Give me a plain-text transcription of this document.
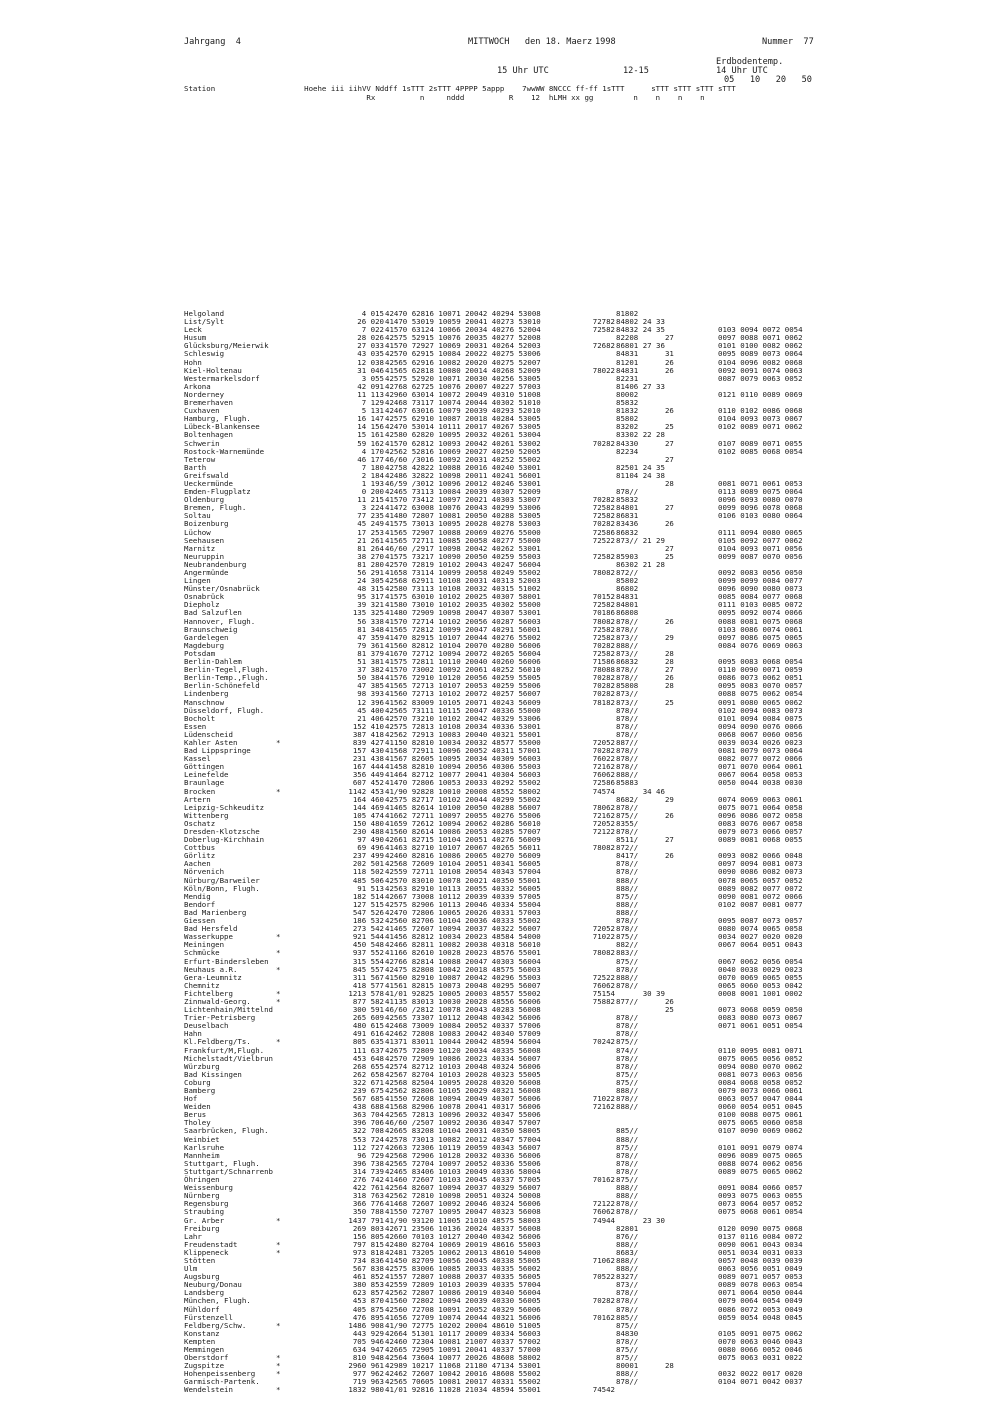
Jahrgang  4	MITTWOCH   den 18. Maerz 1998	Nummer  77
Erdbodentemp.
14 Uhr UTC
15 Uhr UTC	12-15
05   10   20   50
Station                    Hoehe iii iihVV Nddff 1sTTT 2sTTT 4PPPP 5appp    7wwWW 8NCCC ff-ff 1sTTT      sTTT sTTT sTTT sTTT
Rx          n     nddd          R    12  hLMH xx gg         n    n    n    n
Helgoland	4 015 42470 62816 10071 20042 40294 53008	81802
List/Sylt	26 020 41470 53019 10059 20041 40273 53010	72782 84802 24 33
Leck	7 022 41570 63124 10066 20034 40276 52004	72582 84832 24 35	0103 0094 0072 0054
Husum	28 026 42575 52915 10076 20035 40277 52008	82208      27	0097 0088 0071 0062
Glücksburg/Meierwik	27 033 41570 72927 10069 20031 40264 52003	72682 86801 27 36	0101 0100 0082 0062
Schleswig	43 035 42570 62915 10084 20022 40275 53006	84831      31	0095 0089 0073 0064
Hohn	12 038 42565 62916 10082 20020 40275 52007	81201      26	0104 0096 0082 0068
Kiel-Holtenau	31 046 41565 62818 10080 20014 40268 52009	78022 84831      26	0092 0091 0074 0063
Westermarkelsdorf	3 055 42575 52920 10071 20030 40256 53005	82231	0087 0079 0063 0052
Arkona	42 091 42768 62725 10076 20007 40227 57003	81406 27 33
Norderney	11 113 42960 63014 10072 20049 40310 51008	80002	0121 0110 0089 0069
Bremerhaven	7 129 42468 73117 10074 20044 40302 51010	85832
Cuxhaven	5 131 42467 63016 10079 20039 40293 52010	81832      26	0110 0102 0086 0068
Hamburg, Flugh.	16 147 42575 62910 10087 20018 40284 53005	85802	0104 0093 0073 0067
Lübeck-Blankensee	14 156 42470 53014 10111 20017 40267 53005	83202      25	0102 0089 0071 0062
Boltenhagen	15 161 42580 62820 10095 20032 40261 53004	83302 22 28
Schwerin	59 162 41570 62812 10093 20042 40261 53002	70282 84330      27	0107 0089 0071 0055
Rostock-Warnemünde	4 170 42562 52816 10069 20027 40250 52005	82234	0102 0085 0068 0054
Teterow	46 177 46/60 /3016 10092 20031 40252 55002	27
Barth	7 180 42758 42822 10088 20016 40240 53001	82501 24 35
Greifswald	2 184 42486 32822 10098 20011 40241 56001	81104 24 38
Ueckermünde	1 193 46/59 /3012 10096 20012 40246 53001	28	0081 0071 0061 0053
Emden-Flugplatz	0 200 42465 73113 10084 20039 40307 52009	878//	0113 0089 0075 0064
Oldenburg	11 215 41570 73412 10097 20021 40303 53007	70282 85832	0096 0093 0080 0070
Bremen, Flugh.	3 224 41472 63008 10076 20043 40299 53006	72582 84801      27	0099 0096 0078 0068
Soltau	77 235 41480 72807 10081 20050 40288 53005	72582 86831	0106 0103 0080 0064
Boizenburg	45 249 41575 73013 10095 20028 40278 53003	70282 83436      26
Lüchow	17 253 41565 72907 10088 20069 40276 55000	72586 86832	0111 0094 0080 0065
Seehausen	21 261 41565 72711 10085 20058 40277 55000	72522 873// 21 29	0105 0092 0077 0062
Marnitz	81 264 46/60 /2917 10098 20042 40262 53001	27	0104 0093 0071 0056
Neuruppin	38 270 41575 73217 10090 20050 40259 55003	72582 85903      25	0099 0087 0070 0056
Neubrandenburg	81 280 42570 72819 10102 20043 40247 56004	86302 21 28
Angermünde	56 291 41658 73114 10099 20058 40249 55002	78082 872//	0092 0083 0056 0050
Lingen	24 305 42568 62911 10108 20031 40313 52003	85802	0099 0099 0084 0077
Münster/Osnabrück	48 315 42580 73113 10108 20032 40315 51002	86802	0096 0090 0080 0073
Osnabrück	95 317 41575 63010 10102 20025 40307 58001	70152 84831	0085 0084 0077 0068
Diepholz	39 321 41580 73010 10102 20035 40302 55000	72582 84801	0111 0103 0085 0072
Bad Salzuflen	135 325 41480 72909 10098 20047 40307 53001	70186 86808	0095 0092 0074 0066
Hannover, Flugh.	56 338 41570 72714 10102 20056 40287 56003	78082 878//      26	0088 0081 0075 0068
Braunschweig	81 348 41565 72812 10099 20047 40291 56001	72582 878//	0103 0086 0074 0061
Gardelegen	47 359 41470 82915 10107 20044 40276 55002	72582 873//      29	0097 0086 0075 0065
Magdeburg	79 361 41560 82812 10104 20070 40280 56006	70282 888//	0084 0076 0069 0063
Potsdam	81 379 41670 72712 10094 20072 40265 56004	72582 873//      28
Berlin-Dahlem	51 381 41575 72811 10110 20040 40260 56006	71586 86832      28	0095 0083 0068 0054
Berlin-Tegel,Flugh.	37 382 41570 73002 10092 20061 40252 56010	78088 878//      27	0110 0090 0071 0059
Berlin-Temp.,Flugh.	50 384 41576 72910 10120 20056 40259 55005	70282 878//      26	0086 0073 0062 0051
Berlin-Schönefeld	47 385 41565 72713 10107 20053 40259 55006	70282 85808      28	0095 0083 0070 0057
Lindenberg	98 393 41560 72713 10102 20072 40257 56007	70282 873//	0088 0075 0062 0054
Manschnow	12 396 41562 83009 10105 20071 40243 56009	78182 873//      25	0091 0080 0065 0062
Düsseldorf, Flugh.	45 400 42565 73111 10115 20047 40336 55000	878//	0102 0094 0083 0073
Bocholt	21 406 42570 73210 10102 20042 40329 53006	878//	0101 0094 0084 0075
Essen	152 410 42575 72813 10108 20034 40336 53001	878//	0094 0090 0076 0066
Lüdenscheid	387 418 42562 72913 10083 20040 40321 55001	878//	0068 0067 0060 0056
Kahler Asten	*	839 427 41150 82810 10034 20032 48577 55000	72052 887//	0039 0034 0026 0023
Bad Lippspringe	157 430 41568 72911 10096 20052 40311 57001	70282 878//	0081 0079 0073 0064
Kassel	231 438 41567 82605 10095 20034 40309 56003	76022 878//	0082 0077 0072 0066
Göttingen	167 444 41458 82810 10094 20056 40306 55003	72162 878//	0071 0070 0064 0061
Leinefelde	356 449 41464 82712 10077 20041 40304 56003	76062 888//	0067 0064 0058 0053
Braunlage	607 452 41470 72806 10053 20033 40292 55002	72586 85883	0050 0044 0038 0030
Brocken	*	1142 453 41/90 92828 10010 20008 48552 58002	74574 34 46
Artern	164 460 42575 82717 10102 20044 40299 55002	8682/      29	0074 0069 0063 0061
Leipzig-Schkeuditz	144 469 41465 82614 10100 20050 40288 56007	78062 878//	0075 0071 0064 0058
Wittenberg	105 474 41662 72711 10097 20055 40276 55006	72162 875//      26	0096 0086 0072 0058
Oschatz	150 480 41659 72612 10094 20062 40286 56010	72052 8355/	0083 0076 0067 0058
Dresden-Klotzsche	230 488 41560 82614 10086 20053 40285 57007	72122 878//	0079 0073 0066 0057
Doberlug-Kirchhain	97 490 42661 82715 10104 20051 40276 56009	8511/      27	0089 0081 0068 0055
Cottbus	69 496 41463 82710 10107 20067 40265 56011	78082 872//
Görlitz	237 499 42460 82816 10086 20065 40270 56009	8417/      26	0093 0082 0066 0048
Aachen	202 501 42568 72609 10104 20051 40341 56005	878//	0097 0094 0081 0073
Nörvenich	118 502 42559 72711 10108 20054 40343 57004	878//	0090 0086 0082 0073
Nürburg/Barweiler	485 506 42570 83010 10078 20021 40350 55001	888//	0078 0065 0057 0052
Köln/Bonn, Flugh.	91 513 42563 82910 10113 20055 40332 56005	888//	0089 0082 0077 0072
Mendig	182 514 42667 73008 10112 20039 40339 57005	875//	0090 0081 0072 0066
Bendorf	127 515 42575 82906 10113 20046 40334 55004	888//	0102 0087 0081 0077
Bad Marienberg	547 526 42470 72806 10065 20026 40331 57003	888//
Giessen	186 532 42560 82706 10104 20036 40333 55002	878//	0095 0087 0073 0057
Bad Hersfeld	273 542 41465 72607 10094 20037 40322 56007	72052 878//	0080 0074 0065 0058
Wasserkuppe	*	921 544 41456 82812 10034 20023 48584 54000	71022 875//	0034 0027 0020 0020
Meiningen	450 548 42466 82811 10082 20038 40318 56010	882//	0067 0064 0051 0043
Schmücke	*	937 552 41166 82610 10028 20023 48576 55001	78082 883//
Erfurt-Bindersleben	315 554 42766 82814 10088 20047 40303 56004	875//	0067 0062 0056 0054
Neuhaus a.R.	*	845 557 42475 82808 10042 20018 48575 56003	878//	0040 0038 0029 0023
Gera-Leumnitz	311 567 41560 82910 10087 20042 40296 55003	72522 888//	0070 0069 0065 0055
Chemnitz	418 577 41561 82815 10073 20048 40295 56007	76062 878//	0065 0060 0053 0042
Fichtelberg	*	1213 578 41/01 92825 10005 20003 48557 55002	75154 30 39	0008 0001 1001 0002
Zinnwald-Georg.	*	877 582 41135 83013 10030 20028 48556 56006	75882 877//      26
Lichtenhain/Mittelnd	300 591 46/60 /2812 10078 20043 40283 56008	25	0073 0068 0059 0050
Trier-Petrisberg	265 609 42565 73307 10112 20048 40342 56006	878//	0083 0080 0073 0067
Deuselbach	480 615 42468 73009 10084 20052 40337 57006	878//	0071 0061 0051 0054
Hahn	491 616 42462 72808 10083 20042 40340 57009	878//
Kl.Feldberg/Ts.	*	805 635 41371 83011 10044 20042 48594 56004	70242 875//
Frankfurt/M,Flugh.	111 637 42675 72809 10120 20034 40335 56008	874//	0110 0095 0081 0071
Michelstadt/Vielbrun	453 648 42570 72909 10086 20023 40334 56007	878//	0075 0065 0056 0052
Würzburg	268 655 42574 82712 10103 20048 40324 56006	878//	0094 0080 0070 0062
Bad Kissingen	262 658 42567 82704 10103 20028 40323 55005	875//	0081 0073 0063 0056
Coburg	322 671 42568 82504 10095 20028 40320 56008	875//	0084 0068 0058 0052
Bamberg	239 675 42562 82806 10105 20029 40321 56008	888//	0079 0073 0066 0061
Hof	567 685 41550 72608 10094 20049 40307 56006	71022 878//	0063 0057 0047 0044
Weiden	438 688 41568 82906 10078 20041 40317 56006	72162 888//	0060 0054 0051 0045
Berus	363 704 42565 72813 10096 20032 40347 55006	0100 0088 0075 0061
Tholey	396 706 46/60 /2507 10092 20036 40347 57007	0075 0065 0060 0058
Saarbrücken, Flugh.	322 708 42665 83208 10104 20031 40350 58005	885//	0107 0090 0069 0062
Weinbiet	553 724 42578 73013 10082 20012 40347 57004	888//
Karlsruhe	112 727 42663 72306 10119 20059 40343 56007	875//	0101 0091 0079 0074
Mannheim	96 729 42568 72906 10128 20032 40336 56006	878//	0096 0089 0075 0065
Stuttgart, Flugh.	396 738 42565 72704 10097 20052 40336 55006	878//	0088 0074 0062 0056
Stuttgart/Schnarrenb	314 739 42465 83406 10103 20049 40336 58004	878//	0089 0075 0065 0062
Öhringen	276 742 41460 72607 10103 20045 40337 57005	70162 875//
Weissenburg	422 761 42564 82607 10094 20037 40329 56007	888//	0091 0084 0066 0057
Nürnberg	318 763 42562 72810 10098 20051 40324 50008	888//	0093 0075 0063 0055
Regensburg	366 776 41468 72607 10092 20046 40324 56006	72122 878//	0073 0064 0057 0052
Straubing	350 788 41550 72707 10095 20047 40323 56008	76062 878//	0075 0068 0061 0054
Gr. Arber	*	1437 791 41/90 93120 11005 21010 48575 58003	74944 23 30
Freiburg	269 803 42671 23506 10136 20024 40337 56008	82801	0120 0090 0075 0068
Lahr	156 805 42660 70103 10127 20040 40342 56006	876//	0137 0116 0084 0072
Freudenstadt	*	797 815 42480 82704 10069 20019 48616 55003	888//	0090 0061 0043 0034
Klippeneck	*	973 818 42481 73205 10062 20013 48610 54000	8683/	0051 0034 0031 0033
Stötten	734 836 41450 82709 10056 20045 40338 55005	71062 888//	0057 0048 0039 0039
Ulm	567 838 42575 83006 10085 20033 40335 56002	888//	0063 0056 0051 0049
Augsburg	461 852 41557 72807 10088 20037 40335 56005	70522 8327/	0089 0071 0057 0053
Neuburg/Donau	380 853 42559 72809 10103 20039 40335 57004	873//	0089 0078 0063 0054
Landsberg	623 857 42562 72807 10086 20019 40340 56004	878//	0071 0064 0050 0044
München, Flugh.	453 870 41560 72802 10094 20039 40330 56005	70282 878//	0079 0064 0054 0049
Mühldorf	405 875 42560 72708 10091 20052 40329 56006	878//	0086 0072 0053 0049
Fürstenzell	476 895 41656 72709 10074 20044 40321 56006	70162 885//	0059 0054 0048 0045
Feldberg/Schw.	*	1486 908 41/90 72775 10202 20004 48610 51005	875//
Konstanz	443 929 42664 51301 10117 20009 40334 56003	84830	0105 0091 0075 0062
Kempten	705 946 42460 72304 10081 21007 40337 57002	878//	0070 0063 0046 0043
Memmingen	634 947 42665 72905 10091 20041 40337 57000	875//	0080 0066 0052 0046
Oberstdorf	*	810 948 42564 73604 10077 20026 48608 58002	875//	0075 0063 0031 0022
Zugspitze	*	2960 961 42989 10217 11068 21180 47134 53001	80001      28
Hohenpeissenberg	*	977 962 42462 72607 10042 20016 48608 55002	888//	0032 0022 0017 0020
Garmisch-Partenk.	719 963 42565 70605 10081 20017 40331 55002	878//	0104 0071 0042 0037
Wendelstein	*	1832 980 41/01 92816 11028 21034 48594 55001	74542
